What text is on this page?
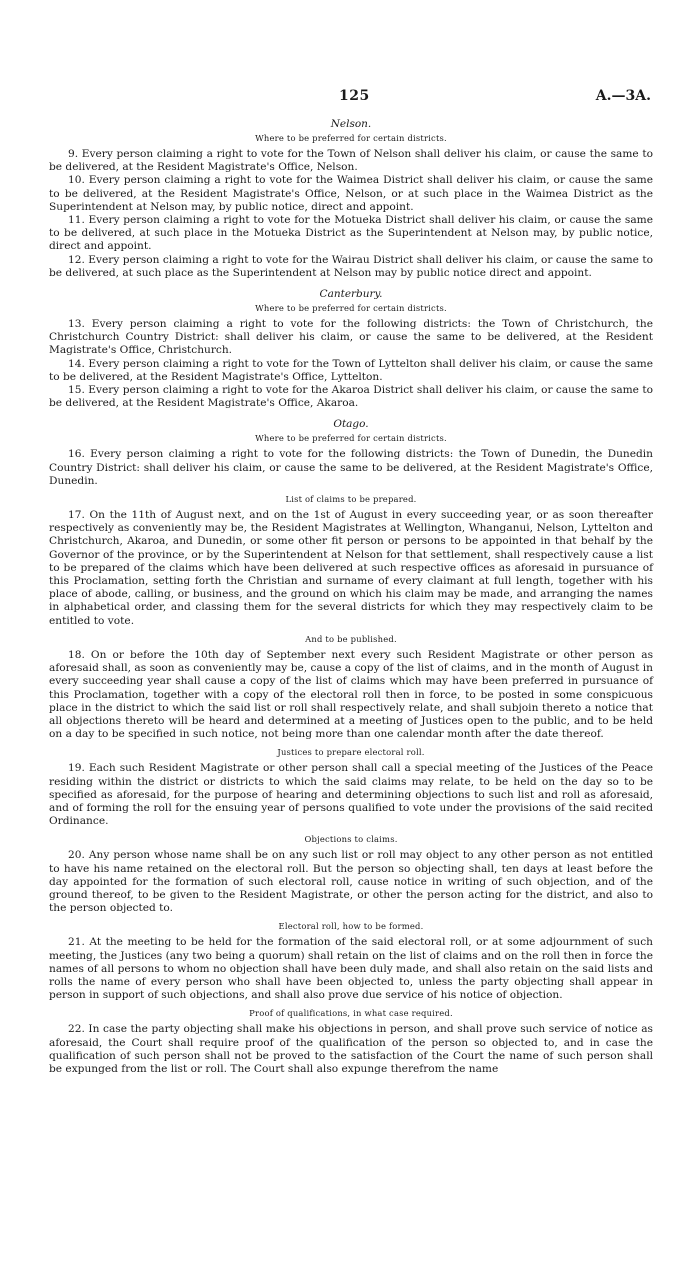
125	A.—3A.
Nelson.
Where to be preferred for certain districts.

9. Every person claiming a right to vote for the Town of Nelson shall deliver his claim, or cause the same to be delivered, at the Resident Magistrate's Office, Nelson.

10. Every person claiming a right to vote for the Waimea District shall deliver his claim, or cause the same to be delivered, at the Resident Magistrate's Office, Nelson, or at such place in the Waimea District as the Superintendent at Nelson may, by public notice, direct and appoint.

11. Every person claiming a right to vote for the Motueka District shall deliver his claim, or cause the same to be delivered, at such place in the Motueka District as the Superintendent at Nelson may, by public notice, direct and appoint.

12. Every person claiming a right to vote for the Wairau District shall deliver his claim, or cause the same to be delivered, at such place as the Superintendent at Nelson may by public notice direct and appoint.

Canterbury.
Where to be preferred for certain districts.

13. Every person claiming a right to vote for the following districts: the Town of Christchurch, the Christchurch Country District: shall deliver his claim, or cause the same to be delivered, at the Resident Magistrate's Office, Christchurch.

14. Every person claiming a right to vote for the Town of Lyttelton shall deliver his claim, or cause the same to be delivered, at the Resident Magistrate's Office, Lyttelton.

15. Every person claiming a right to vote for the Akaroa District shall deliver his claim, or cause the same to be delivered, at the Resident Magistrate's Office, Akaroa.

Otago.
Where to be preferred for certain districts.

16. Every person claiming a right to vote for the following districts: the Town of Dunedin, the Dunedin Country District: shall deliver his claim, or cause the same to be delivered, at the Resident Magistrate's Office, Dunedin.

List of claims to be prepared.

17. On the 11th of August next, and on the 1st of August in every succeeding year, or as soon thereafter respectively as conveniently may be, the Resident Magistrates at Wellington, Whanganui, Nelson, Lyttelton and Christchurch, Akaroa, and Dunedin, or some other fit person or persons to be appointed in that behalf by the Governor of the province, or by the Superintendent at Nelson for that settlement, shall respectively cause a list to be prepared of the claims which have been delivered at such respective offices as aforesaid in pursuance of this Proclamation, setting forth the Christian and surname of every claimant at full length, together with his place of abode, calling, or business, and the ground on which his claim may be made, and arranging the names in alphabetical order, and classing them for the several districts for which they may respectively claim to be entitled to vote.

And to be published.

18. On or before the 10th day of September next every such Resident Magistrate or other person as aforesaid shall, as soon as conveniently may be, cause a copy of the list of claims, and in the month of August in every succeeding year shall cause a copy of the list of claims which may have been preferred in pursuance of this Proclamation, together with a copy of the electoral roll then in force, to be posted in some conspicuous place in the district to which the said list or roll shall respectively relate, and shall subjoin thereto a notice that all objections thereto will be heard and determined at a meeting of Justices open to the public, and to be held on a day to be specified in such notice, not being more than one calendar month after the date thereof.

Justices to prepare electoral roll.

19. Each such Resident Magistrate or other person shall call a special meeting of the Justices of the Peace residing within the district or districts to which the said claims may relate, to be held on the day so to be specified as aforesaid, for the purpose of hearing and determining objections to such list and roll as aforesaid, and of forming the roll for the ensuing year of persons qualified to vote under the provisions of the said recited Ordinance.

Objections to claims.

20. Any person whose name shall be on any such list or roll may object to any other person as not entitled to have his name retained on the electoral roll. But the person so objecting shall, ten days at least before the day appointed for the formation of such electoral roll, cause notice in writing of such objection, and of the ground thereof, to be given to the Resident Magistrate, or other the person acting for the district, and also to the person objected to.

Electoral roll, how to be formed.

21. At the meeting to be held for the formation of the said electoral roll, or at some adjournment of such meeting, the Justices (any two being a quorum) shall retain on the list of claims and on the roll then in force the names of all persons to whom no objection shall have been duly made, and shall also retain on the said lists and rolls the name of every person who shall have been objected to, unless the party objecting shall appear in person in support of such objections, and shall also prove due service of his notice of objection.

Proof of qualifications, in what case required.

22. In case the party objecting shall make his objections in person, and shall prove such service of notice as aforesaid, the Court shall require proof of the qualification of the person so objected to, and in case the qualification of such person shall not be proved to the satisfaction of the Court the name of such person shall be expunged from the list or roll. The Court shall also expunge therefrom the name
